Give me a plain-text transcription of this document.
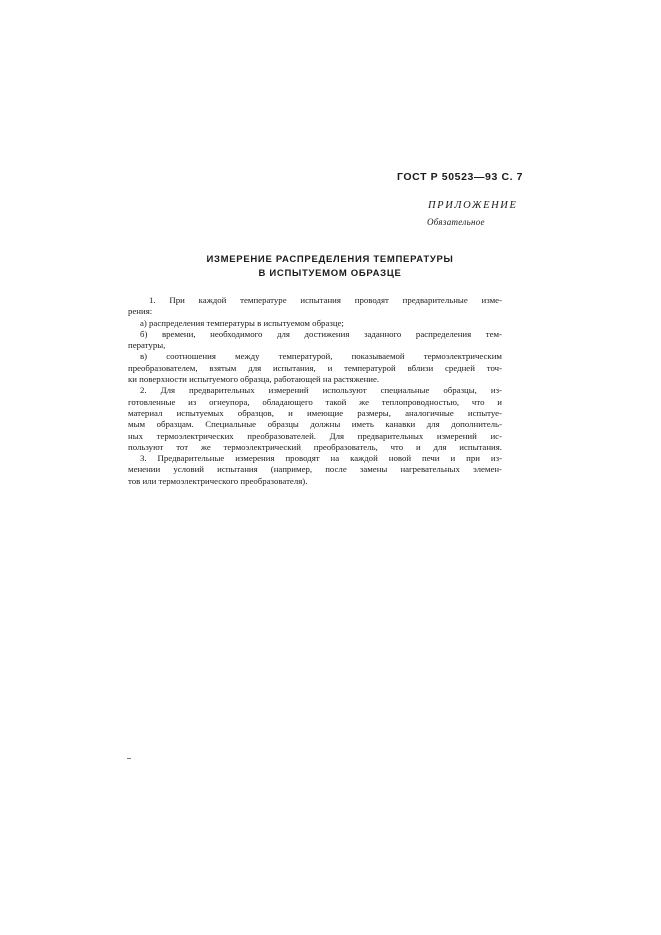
ГОСТ Р 50523—93 С. 7
ПРИЛОЖЕНИЕ
Обязательное
ИЗМЕРЕНИЕ РАСПРЕДЕЛЕНИЯ ТЕМПЕРАТУРЫ
В ИСПЫТУЕМОМ ОБРАЗЦЕ
1. При каждой температуре испытания проводят предварительные изме-
рения:
а) распределения температуры в испытуемом образце;
б) времени, необходимого для достижения заданного распределения тем-
пературы,
в) соотношения между температурой, показываемой термоэлектрическим
преобразователем, взятым для испытания, и температурой вблизи средней точ-
ки поверхности испытуемого образца, работающей на растяжение.
2. Для предварительных измерений используют специальные образцы, из-
готовленные из огнеупора, обладающего такой же теплопроводностью, что и
материал испытуемых образцов, и имеющие размеры, аналогичные испытуе-
мым образцам. Специальные образцы должны иметь канавки для дополнитель-
ных термоэлектрических преобразователей. Для предварительных измерений ис-
пользуют тот же термоэлектрический преобразователь, что и для испытания.
3. Предварительные измерения проводят на каждой новой печи и при из-
менении условий испытания (например, после замены нагревательных элемен-
тов или термоэлектрического преобразователя).
